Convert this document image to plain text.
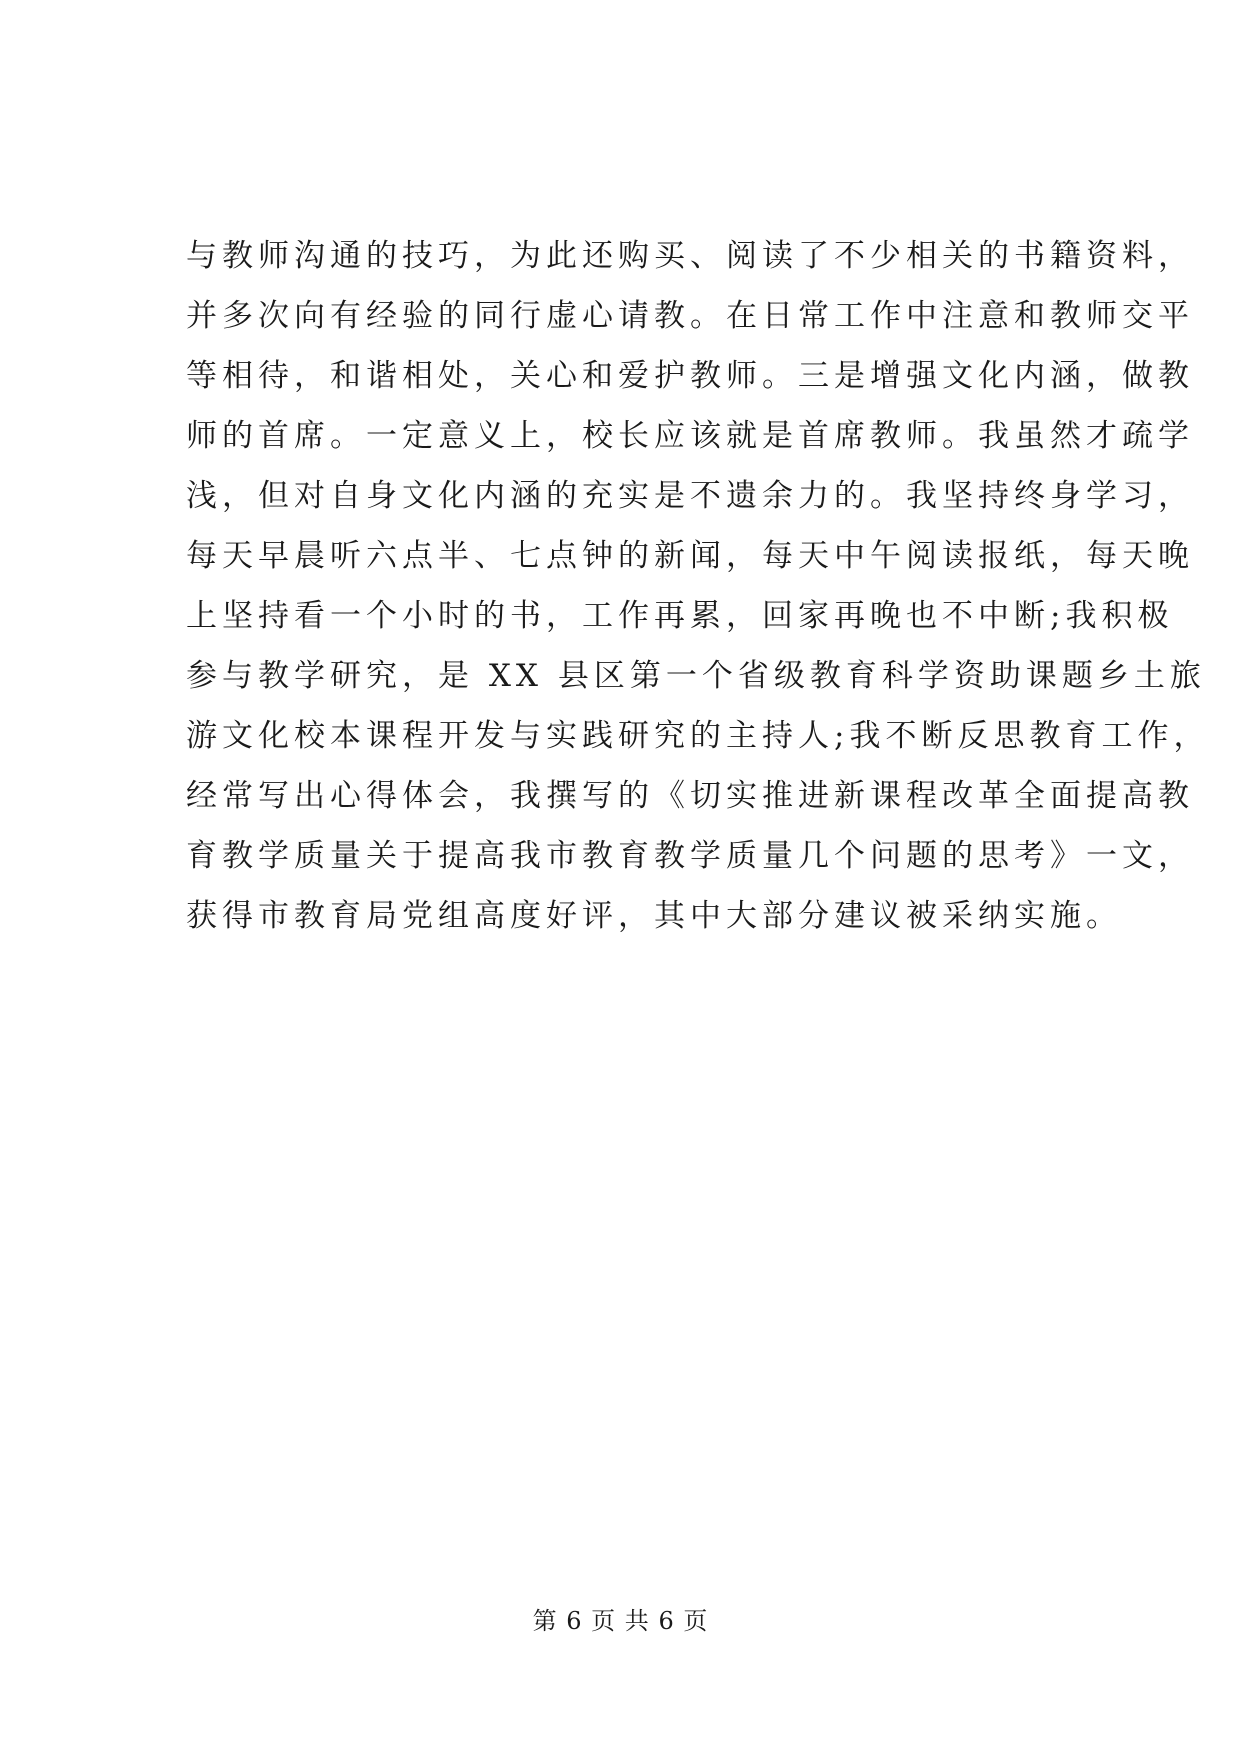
与教师沟通的技巧，为此还购买、阅读了不少相关的书籍资料，
并多次向有经验的同行虚心请教。在日常工作中注意和教师交平
等相待，和谐相处，关心和爱护教师。三是增强文化内涵，做教
师的首席。一定意义上，校长应该就是首席教师。我虽然才疏学
浅，但对自身文化内涵的充实是不遗余力的。我坚持终身学习，
每天早晨听六点半、七点钟的新闻，每天中午阅读报纸，每天晚
上坚持看一个小时的书，工作再累，回家再晚也不中断;我积极
参与教学研究，是 XX 县区第一个省级教育科学资助课题乡土旅
游文化校本课程开发与实践研究的主持人;我不断反思教育工作，
经常写出心得体会，我撰写的《切实推进新课程改革全面提高教
育教学质量关于提高我市教育教学质量几个问题的思考》一文，
获得市教育局党组高度好评，其中大部分建议被采纳实施。
第 6 页 共 6 页
